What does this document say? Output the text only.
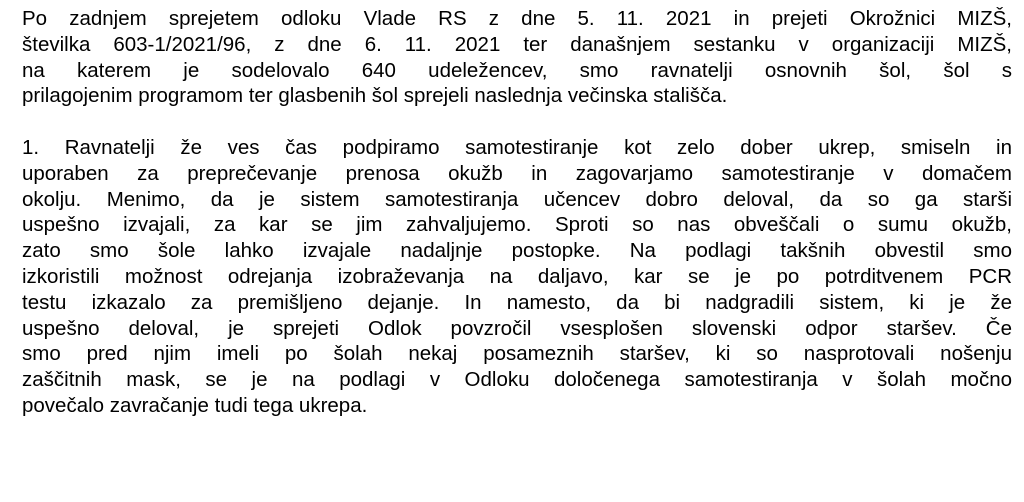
Po zadnjem sprejetem odloku Vlade RS z dne 5. 11. 2021 in prejeti Okrožnici MIZŠ,
številka 603-1/2021/96, z dne 6. 11. 2021 ter današnjem sestanku v organizaciji MIZŠ,
na katerem je sodelovalo 640 udeležencev, smo ravnatelji osnovnih šol, šol s
prilagojenim programom ter glasbenih šol sprejeli naslednja večinska stališča.
1. Ravnatelji že ves čas podpiramo samotestiranje kot zelo dober ukrep, smiseln in
uporaben za preprečevanje prenosa okužb in zagovarjamo samotestiranje v domačem
okolju. Menimo, da je sistem samotestiranja učencev dobro deloval, da so ga starši
uspešno izvajali, za kar se jim zahvaljujemo. Sproti so nas obveščali o sumu okužb,
zato smo šole lahko izvajale nadaljnje postopke. Na podlagi takšnih obvestil smo
izkoristili možnost odrejanja izobraževanja na daljavo, kar se je po potrditvenem PCR
testu izkazalo za premišljeno dejanje. In namesto, da bi nadgradili sistem, ki je že
uspešno deloval, je sprejeti Odlok povzročil vsesplošen slovenski odpor staršev. Če
smo pred njim imeli po šolah nekaj posameznih staršev, ki so nasprotovali nošenju
zaščitnih mask, se je na podlagi v Odloku določenega samotestiranja v šolah močno
povečalo zavračanje tudi tega ukrepa.
